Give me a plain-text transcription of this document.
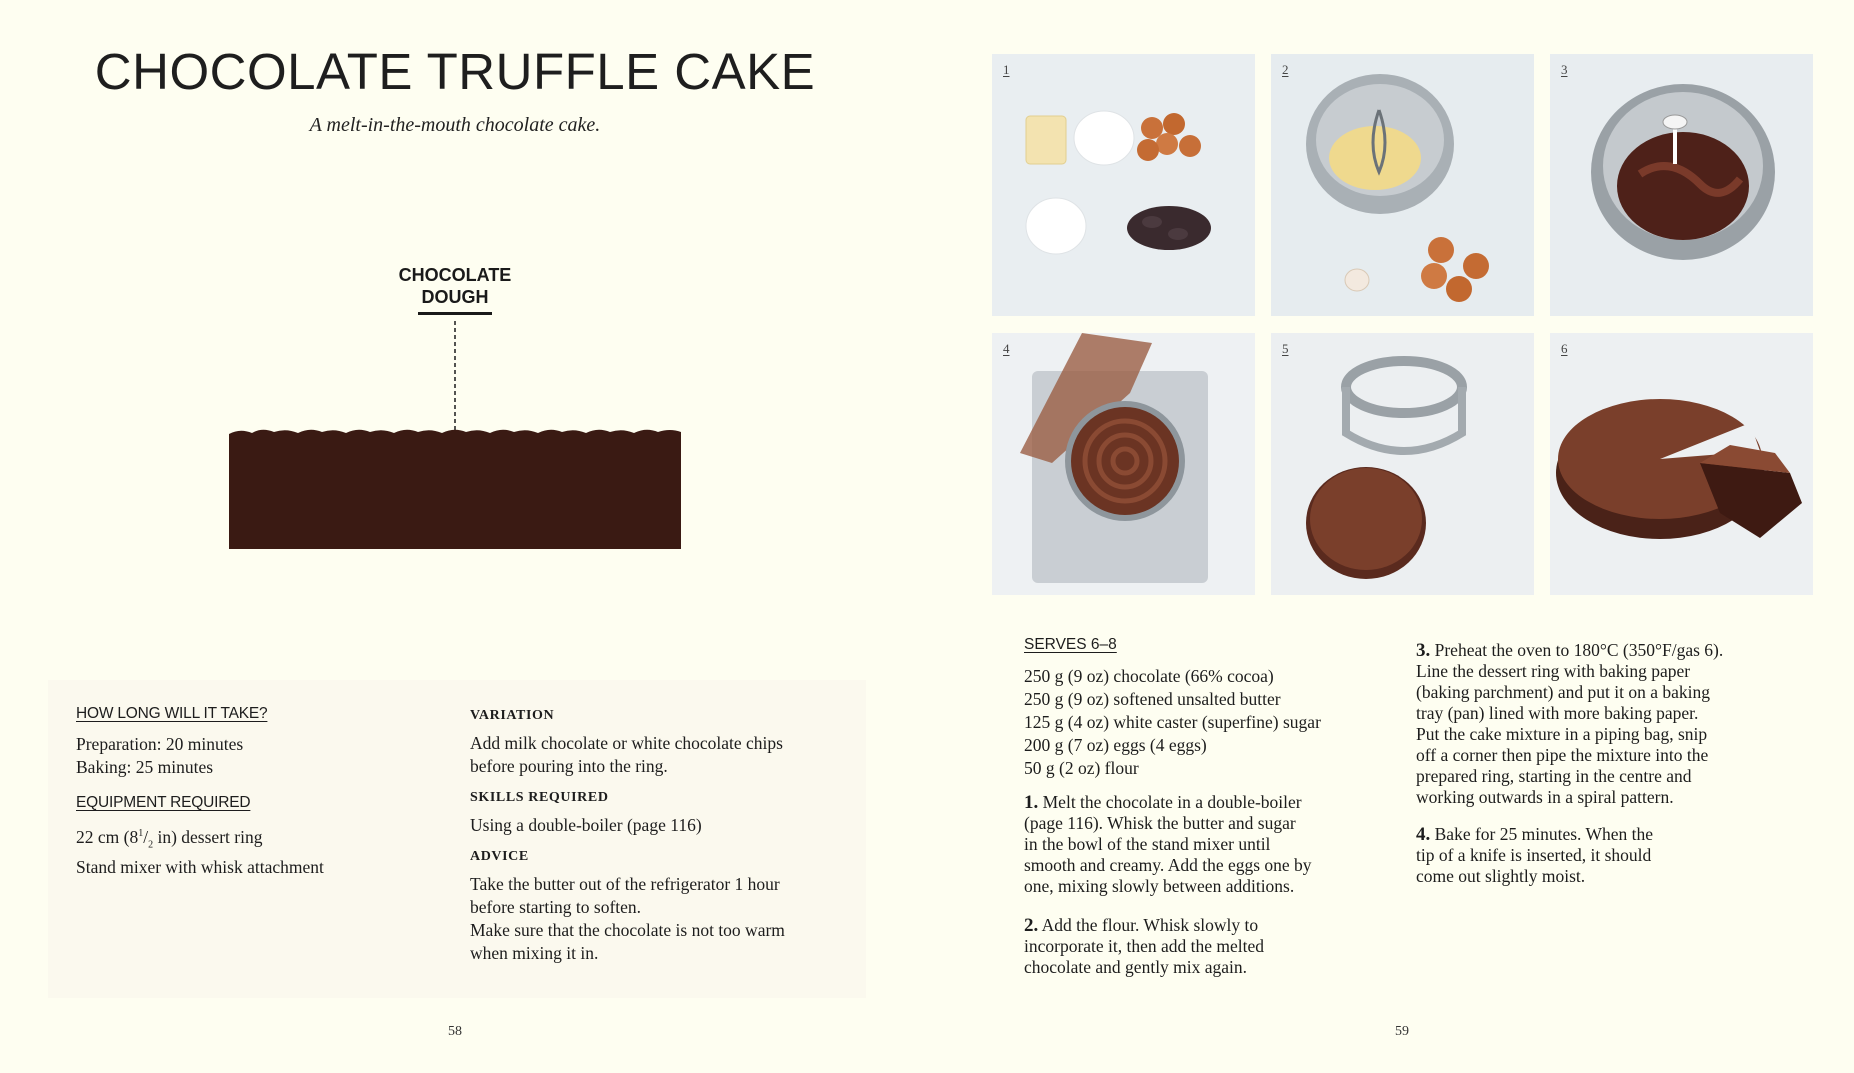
CHOCOLATE TRUFFLE CAKE
A melt-in-the-mouth chocolate cake.
CHOCOLATE
DOUGH

HOW LONG WILL IT TAKE?

Preparation: 20 minutes

Baking: 25 minutes

EQUIPMENT REQUIRED

22 cm ($8^1/_2$ in) dessert ring

Stand mixer with whisk attachment

VARIATION

Add milk chocolate or white chocolate chips

before pouring into the ring.

SKILLS REQUIRED

Using a double-boiler (page 116)

ADVICE

Take the butter out of the refrigerator 1 hour

before starting to soften.

Make sure that the chocolate is not too warm

when mixing it in.

58
1	2	3
4	5	6

SERVES 6–8

250 g (9 oz) chocolate (66% cocoa)

250 g (9 oz) softened unsalted butter

125 g (4 oz) white caster (superfine) sugar

200 g (7 oz) eggs (4 eggs)

50 g (2 oz) flour

1. Melt the chocolate in a double-boiler

(page 116). Whisk the butter and sugar

in the bowl of the stand mixer until

smooth and creamy. Add the eggs one by

one, mixing slowly between additions.

2. Add the flour. Whisk slowly to

incorporate it, then add the melted

chocolate and gently mix again.

3. Preheat the oven to 180°C (350°F/gas 6).

Line the dessert ring with baking paper

(baking parchment) and put it on a baking

tray (pan) lined with more baking paper.

Put the cake mixture in a piping bag, snip

off a corner then pipe the mixture into the

prepared ring, starting in the centre and

working outwards in a spiral pattern.

4. Bake for 25 minutes. When the

tip of a knife is inserted, it should

come out slightly moist.

59
